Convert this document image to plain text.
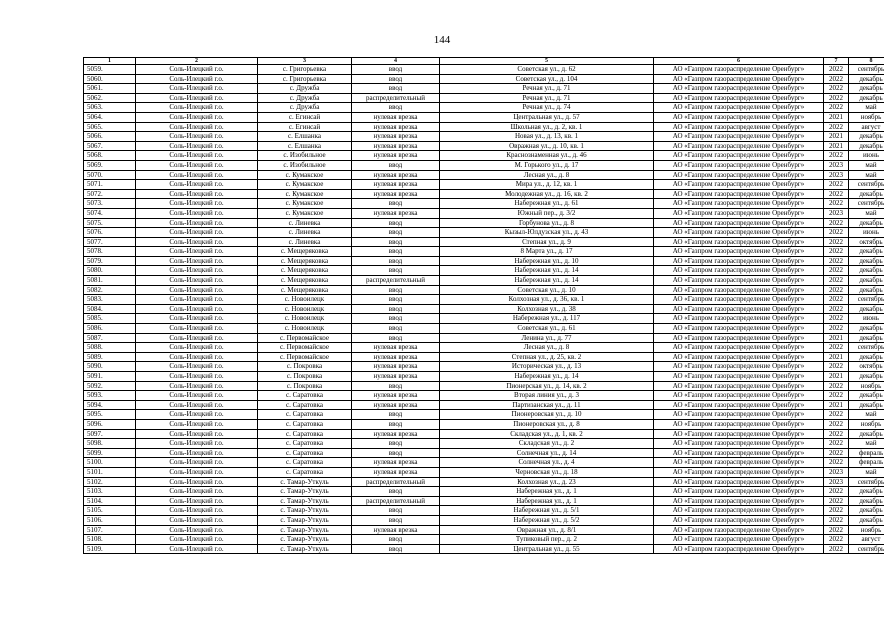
144
1	2	3	4	5	6	7	8
5059.	Соль-Илецкий г.о.	с. Григорьевка	ввод	Советская ул., д. 62	АО «Газпром газораспределение Оренбург»	2022	сентябрь
5060.	Соль-Илецкий г.о.	с. Григорьевка	ввод	Советская ул., д. 104	АО «Газпром газораспределение Оренбург»	2022	декабрь
5061.	Соль-Илецкий г.о.	с. Дружба	ввод	Речная ул., д. 71	АО «Газпром газораспределение Оренбург»	2022	декабрь
5062.	Соль-Илецкий г.о.	с. Дружба	распределительный	Речная ул., д. 71	АО «Газпром газораспределение Оренбург»	2022	декабрь
5063.	Соль-Илецкий г.о.	с. Дружба	ввод	Речная ул., д. 74	АО «Газпром газораспределение Оренбург»	2022	май
5064.	Соль-Илецкий г.о.	с. Егинсай	нулевая врезка	Центральная ул., д. 57	АО «Газпром газораспределение Оренбург»	2021	ноябрь
5065.	Соль-Илецкий г.о.	с. Егинсай	нулевая врезка	Школьная ул., д. 2, кв. 1	АО «Газпром газораспределение Оренбург»	2022	август
5066.	Соль-Илецкий г.о.	с. Елшанка	нулевая врезка	Новая ул., д. 13, кв. 1	АО «Газпром газораспределение Оренбург»	2021	декабрь
5067.	Соль-Илецкий г.о.	с. Елшанка	нулевая врезка	Овражная ул., д. 10, кв. 1	АО «Газпром газораспределение Оренбург»	2021	декабрь
5068.	Соль-Илецкий г.о.	с. Изобильное	нулевая врезка	Краснознаменная ул., д. 46	АО «Газпром газораспределение Оренбург»	2022	июнь
5069.	Соль-Илецкий г.о.	с. Изобильное	ввод	М. Горького ул., д. 17	АО «Газпром газораспределение Оренбург»	2023	май
5070.	Соль-Илецкий г.о.	с. Кумакское	нулевая врезка	Лесная ул., д. 8	АО «Газпром газораспределение Оренбург»	2023	май
5071.	Соль-Илецкий г.о.	с. Кумакское	нулевая врезка	Мира ул., д. 12, кв. 1	АО «Газпром газораспределение Оренбург»	2022	сентябрь
5072.	Соль-Илецкий г.о.	с. Кумакское	нулевая врезка	Молодежная ул., д. 16, кв. 2	АО «Газпром газораспределение Оренбург»	2022	декабрь
5073.	Соль-Илецкий г.о.	с. Кумакское	ввод	Набережная ул., д. 61	АО «Газпром газораспределение Оренбург»	2022	сентябрь
5074.	Соль-Илецкий г.о.	с. Кумакское	нулевая врезка	Южный пер., д. 3/2	АО «Газпром газораспределение Оренбург»	2023	май
5075.	Соль-Илецкий г.о.	с. Линевка	ввод	Горбунова ул., д. 8	АО «Газпром газораспределение Оренбург»	2022	декабрь
5076.	Соль-Илецкий г.о.	с. Линевка	ввод	Кызыл-Юлдузская ул., д. 43	АО «Газпром газораспределение Оренбург»	2022	июнь
5077.	Соль-Илецкий г.о.	с. Линевка	ввод	Степная ул., д. 9	АО «Газпром газораспределение Оренбург»	2022	октябрь
5078.	Соль-Илецкий г.о.	с. Мещеряковка	ввод	8 Марта ул., д. 17	АО «Газпром газораспределение Оренбург»	2022	декабрь
5079.	Соль-Илецкий г.о.	с. Мещеряковка	ввод	Набережная ул., д. 10	АО «Газпром газораспределение Оренбург»	2022	декабрь
5080.	Соль-Илецкий г.о.	с. Мещеряковка	ввод	Набережная ул., д. 14	АО «Газпром газораспределение Оренбург»	2022	декабрь
5081.	Соль-Илецкий г.о.	с. Мещеряковка	распределительный	Набережная ул., д. 14	АО «Газпром газораспределение Оренбург»	2022	декабрь
5082.	Соль-Илецкий г.о.	с. Мещеряковка	ввод	Советская ул., д. 10	АО «Газпром газораспределение Оренбург»	2022	декабрь
5083.	Соль-Илецкий г.о.	с. Новоилецк	ввод	Колхозная ул., д. 36, кв. 1	АО «Газпром газораспределение Оренбург»	2022	сентябрь
5084.	Соль-Илецкий г.о.	с. Новоилецк	ввод	Колхозная ул., д. 38	АО «Газпром газораспределение Оренбург»	2022	декабрь
5085.	Соль-Илецкий г.о.	с. Новоилецк	ввод	Набережная ул., д. 117	АО «Газпром газораспределение Оренбург»	2022	июнь
5086.	Соль-Илецкий г.о.	с. Новоилецк	ввод	Советская ул., д. 61	АО «Газпром газораспределение Оренбург»	2022	декабрь
5087.	Соль-Илецкий г.о.	с. Первомайское	ввод	Ленина ул., д. 77	АО «Газпром газораспределение Оренбург»	2021	декабрь
5088.	Соль-Илецкий г.о.	с. Первомайское	нулевая врезка	Лесная ул., д. 8	АО «Газпром газораспределение Оренбург»	2022	сентябрь
5089.	Соль-Илецкий г.о.	с. Первомайское	нулевая врезка	Степная ул., д. 25, кв. 2	АО «Газпром газораспределение Оренбург»	2021	декабрь
5090.	Соль-Илецкий г.о.	с. Покровка	нулевая врезка	Историческая ул., д. 13	АО «Газпром газораспределение Оренбург»	2022	октябрь
5091.	Соль-Илецкий г.о.	с. Покровка	нулевая врезка	Набережная ул., д. 14	АО «Газпром газораспределение Оренбург»	2021	декабрь
5092.	Соль-Илецкий г.о.	с. Покровка	ввод	Пионерская ул., д. 14, кв. 2	АО «Газпром газораспределение Оренбург»	2022	ноябрь
5093.	Соль-Илецкий г.о.	с. Саратовка	нулевая врезка	Вторая линия ул., д. 3	АО «Газпром газораспределение Оренбург»	2022	декабрь
5094.	Соль-Илецкий г.о.	с. Саратовка	нулевая врезка	Партизанская ул., д. 11	АО «Газпром газораспределение Оренбург»	2021	декабрь
5095.	Соль-Илецкий г.о.	с. Саратовка	ввод	Пионеровская ул., д. 10	АО «Газпром газораспределение Оренбург»	2022	май
5096.	Соль-Илецкий г.о.	с. Саратовка	ввод	Пионеровская ул., д. 8	АО «Газпром газораспределение Оренбург»	2022	ноябрь
5097.	Соль-Илецкий г.о.	с. Саратовка	нулевая врезка	Складская ул., д. 1, кв. 2	АО «Газпром газораспределение Оренбург»	2022	декабрь
5098.	Соль-Илецкий г.о.	с. Саратовка	ввод	Складская ул., д. 2	АО «Газпром газораспределение Оренбург»	2022	май
5099.	Соль-Илецкий г.о.	с. Саратовка	ввод	Солнечная ул., д. 14	АО «Газпром газораспределение Оренбург»	2022	февраль
5100.	Соль-Илецкий г.о.	с. Саратовка	нулевая врезка	Солнечная ул., д. 4	АО «Газпром газораспределение Оренбург»	2022	февраль
5101.	Соль-Илецкий г.о.	с. Саратовка	нулевая врезка	Черновская ул., д. 18	АО «Газпром газораспределение Оренбург»	2023	май
5102.	Соль-Илецкий г.о.	с. Тамар-Уткуль	распределительный	Колхозная ул., д. 23	АО «Газпром газораспределение Оренбург»	2023	сентябрь
5103.	Соль-Илецкий г.о.	с. Тамар-Уткуль	ввод	Набережная ул., д. 1	АО «Газпром газораспределение Оренбург»	2022	декабрь
5104.	Соль-Илецкий г.о.	с. Тамар-Уткуль	распределительный	Набережная ул., д. 1	АО «Газпром газораспределение Оренбург»	2022	декабрь
5105.	Соль-Илецкий г.о.	с. Тамар-Уткуль	ввод	Набережная ул., д. 5/1	АО «Газпром газораспределение Оренбург»	2022	декабрь
5106.	Соль-Илецкий г.о.	с. Тамар-Уткуль	ввод	Набережная ул., д. 5/2	АО «Газпром газораспределение Оренбург»	2022	декабрь
5107.	Соль-Илецкий г.о.	с. Тамар-Уткуль	нулевая врезка	Овражная ул., д. 8/1	АО «Газпром газораспределение Оренбург»	2022	ноябрь
5108.	Соль-Илецкий г.о.	с. Тамар-Уткуль	ввод	Тупиковый пер., д. 2	АО «Газпром газораспределение Оренбург»	2022	август
5109.	Соль-Илецкий г.о.	с. Тамар-Уткуль	ввод	Центральная ул., д. 55	АО «Газпром газораспределение Оренбург»	2022	сентябрь
